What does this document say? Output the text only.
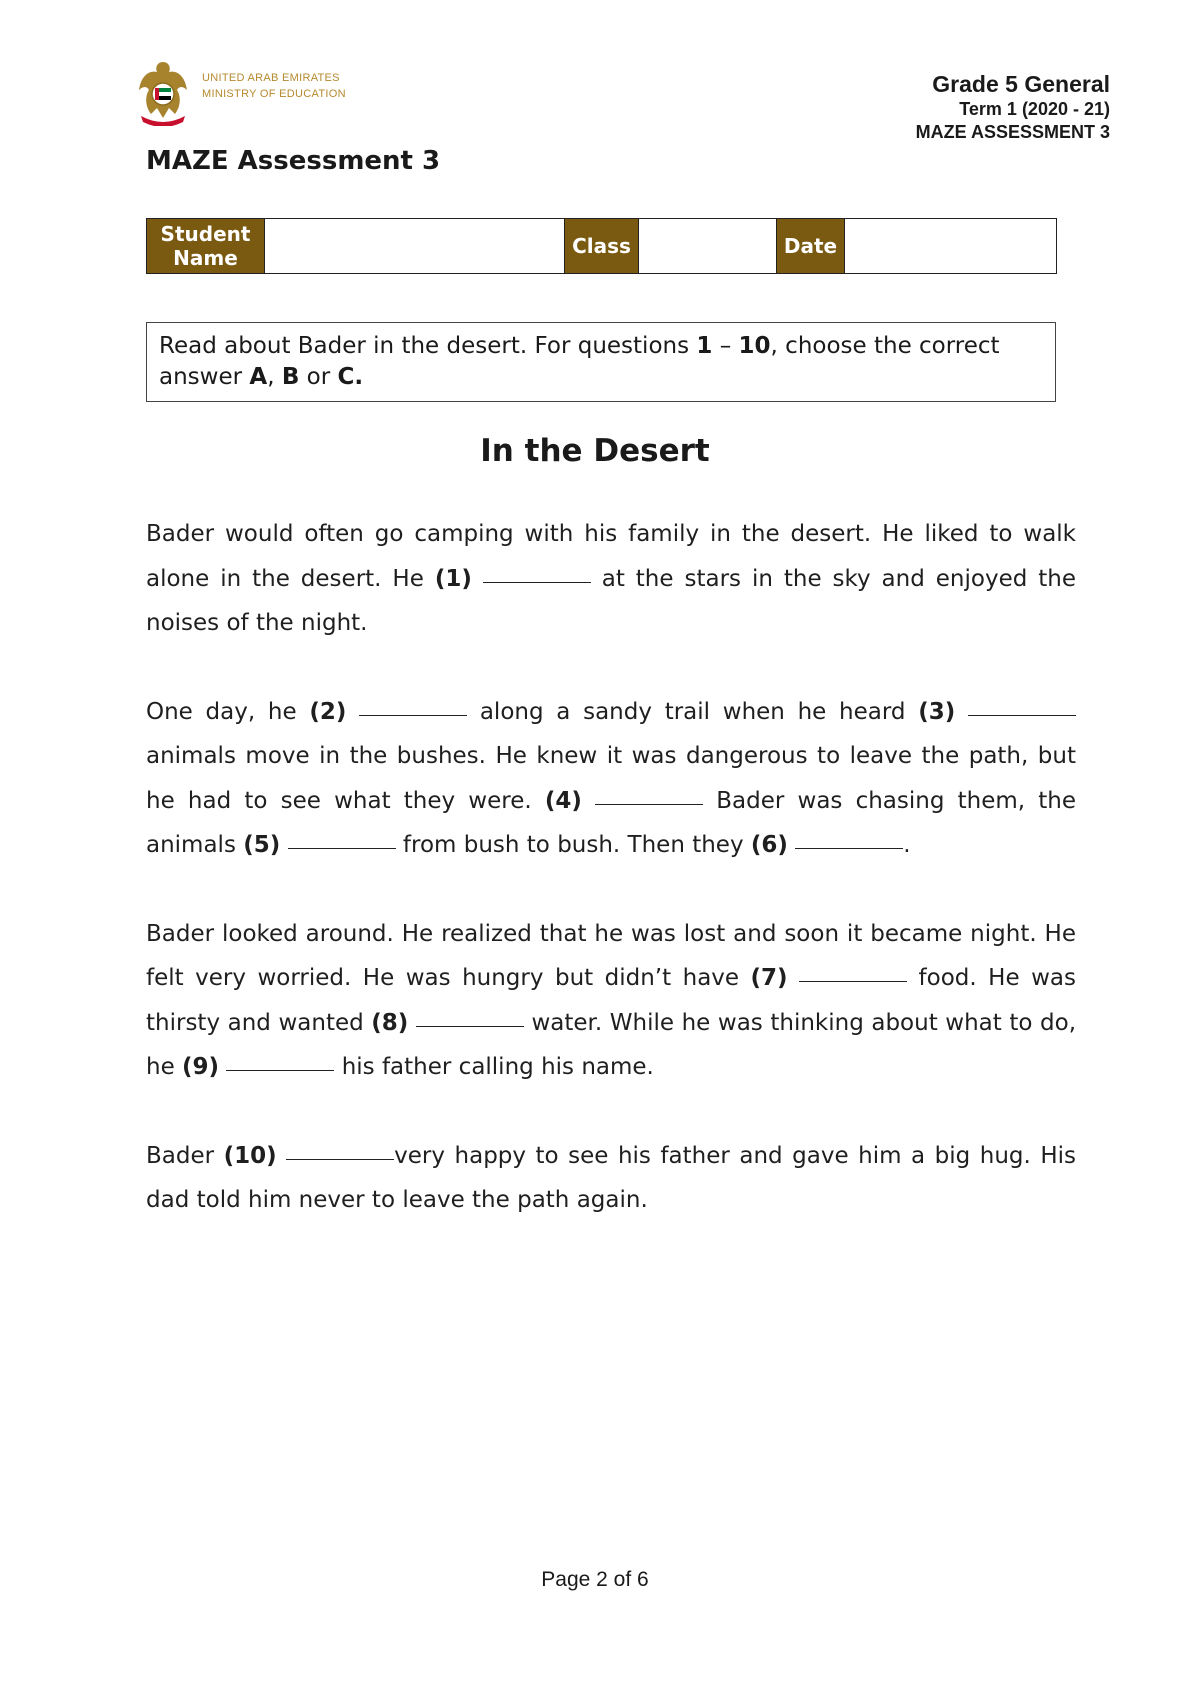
UNITED ARAB EMIRATES
MINISTRY OF EDUCATION	Grade 5 General
Term 1 (2020 - 21)
MAZE ASSESSMENT 3
MAZE Assessment 3
Student
Name		Class		Date	
Read about Bader in the desert. For questions 1 – 10, choose the correct answer A, B or C.
In the Desert

Bader would often go camping with his family in the desert. He liked to walk alone in the desert. He (1)	at the stars in the sky and enjoyed the noises of the night.

One day, he (2)	along a sandy trail when he heard (3)  animals move in the bushes. He knew it was dangerous to leave the path, but he had to see what they were. (4)	Bader was chasing them, the animals (5)	from bush to bush. Then they (6)	.

Bader looked around. He realized that he was lost and soon it became night. He felt very worried. He was hungry but didn’t have (7)	food. He was thirsty and wanted (8)	water. While he was thinking about what to do, he (9)	his father calling his name.

Bader (10)	very happy to see his father and gave him a big hug. His dad told him never to leave the path again.

Page 2 of 6
